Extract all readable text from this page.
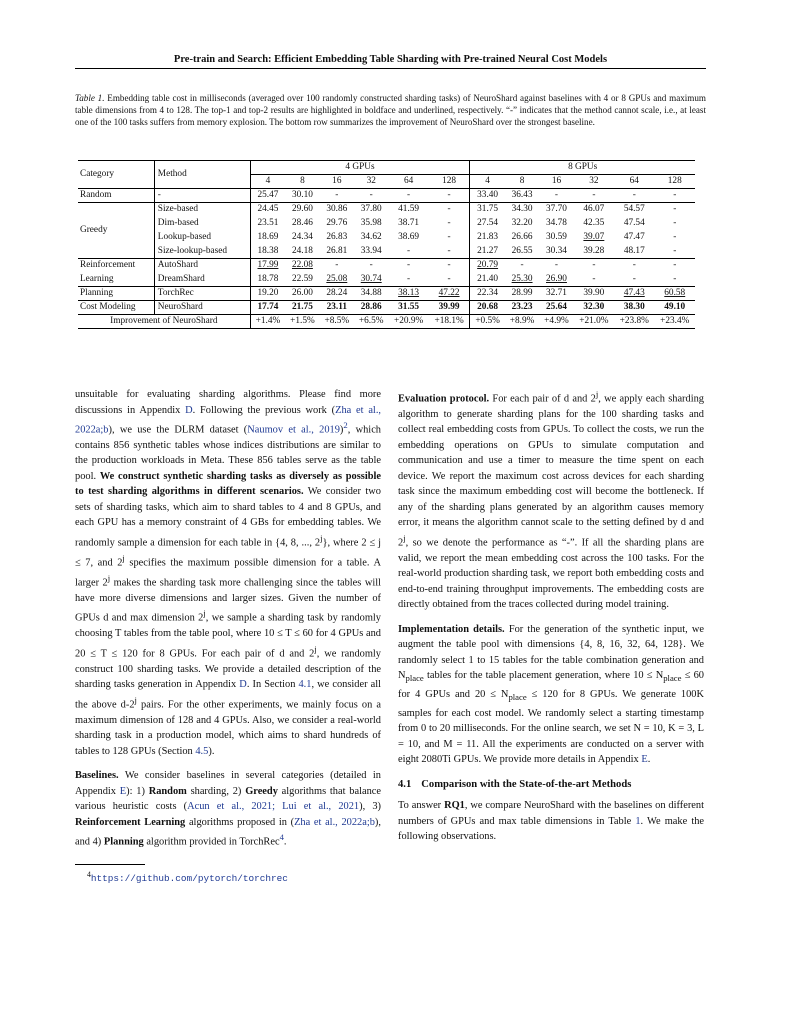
Pre-train and Search: Efficient Embedding Table Sharding with Pre-trained Neural Cost Models
Table 1. Embedding table cost in milliseconds (averaged over 100 randomly constructed sharding tasks) of NeuroShard against baselines with 4 or 8 GPUs and maximum table dimensions from 4 to 128. The top-1 and top-2 results are highlighted in boldface and underlined, respectively. “-” indicates that the method cannot scale, i.e., at least one of the 100 tasks suffers from memory explosion. The bottom row summarizes the improvement of NeuroShard over the strongest baseline.
Category	Method	4 GPUs						8 GPUs					
		4	8	16	32	64	128	4	8	16	32	64	128
Random	-	25.47	30.10	-	-	-	-	33.40	36.43	-	-	-	-
Greedy	Size-based	24.45	29.60	30.86	37.80	41.59	-	31.75	34.30	37.70	46.07	54.57	-
	Dim-based	23.51	28.46	29.76	35.98	38.71	-	27.54	32.20	34.78	42.35	47.54	-
	Lookup-based	18.69	24.34	26.83	34.62	38.69	-	21.83	26.66	30.59	39.07	47.47	-
	Size-lookup-based	18.38	24.18	26.81	33.94	-	-	21.27	26.55	30.34	39.28	48.17	-
Reinforcement	AutoShard	17.99	22.08	-	-	-	-	20.79	-	-	-	-	-
Learning	DreamShard	18.78	22.59	25.08	30.74	-	-	21.40	25.30	26.90	-	-	-
Planning	TorchRec	19.20	26.00	28.24	34.88	38.13	47.22	22.34	28.99	32.71	39.90	47.43	60.58
Cost Modeling	NeuroShard	17.74	21.75	23.11	28.86	31.55	39.99	20.68	23.23	25.64	32.30	38.30	49.10
Improvement of NeuroShard		+1.4%	+1.5%	+8.5%	+6.5%	+20.9%	+18.1%	+0.5%	+8.9%	+4.9%	+21.0%	+23.8%	+23.4%

unsuitable for evaluating sharding algorithms. Please find more discussions in Appendix D. Following the previous work (Zha et al., 2022a;b), we use the DLRM dataset (Naumov et al., 2019)$^2$, which contains 856 synthetic tables whose indices distributions are similar to the production workloads in Meta. These 856 tables serve as the table pool. We construct synthetic sharding tasks as diversely as possible to test sharding algorithms in different scenarios. We consider two sets of sharding tasks, which aim to shard tables to 4 and 8 GPUs, and each GPU has a memory constraint of 4 GBs for embedding tables. We randomly sample a dimension for each table in {4, 8, ..., 2$^j$}, where 2 ≤ j ≤ 7, and 2$^j$ specifies the maximum possible dimension for a table. A larger 2$^j$ makes the sharding task more challenging since the tables will have more diverse dimensions and larger sizes. Given the number of GPUs d and max dimension 2$^j$, we sample a sharding task by randomly choosing T tables from the table pool, where 10 ≤ T ≤ 60 for 4 GPUs and 20 ≤ T ≤ 120 for 8 GPUs. For each pair of d and 2$^j$, we randomly construct 100 sharding tasks. We provide a detailed description of the sharding tasks generation in Appendix D. In Section 4.1, we consider all the above d-2$^j$ pairs. For the other experiments, we mainly focus on a maximum dimension of 128 and 4 GPUs. Also, we consider a real-world sharding task in a production model, which aims to shard hundreds of tables to 128 GPUs (Section 4.5).

Baselines. We consider baselines in several categories (detailed in Appendix E): 1) Random sharding, 2) Greedy algorithms that balance various heuristic costs (Acun et al., 2021; Lui et al., 2021), 3) Reinforcement Learning algorithms proposed in (Zha et al., 2022a;b), and 4) Planning algorithm provided in TorchRec$^4$.

$^4$https://github.com/pytorch/torchrec

Evaluation protocol. For each pair of d and 2$^j$, we apply each sharding algorithm to generate sharding plans for the 100 sharding tasks and collect real embedding costs from GPUs. To collect the costs, we run the embedding operations on GPUs to simulate computation and communication and use a timer to measure the time spent on each device. We report the maximum cost across devices for each sharding task since the maximum embedding cost will become the bottleneck. If any of the sharding plans generated by an algorithm causes memory error, it means the algorithm cannot scale to the setting defined by d and 2$^j$, so we denote the performance as “-”. If all the sharding plans are valid, we report the mean embedding cost across the 100 tasks. For the real-world production sharding task, we report both embedding costs and end-to-end training throughput improvements. The embedding costs are directly obtained from the traces collected during model training.

Implementation details. For the generation of the synthetic input, we augment the table pool with dimensions {4, 8, 16, 32, 64, 128}. We randomly select 1 to 15 tables for the table combination generation and $N_{place}$ tables for the table placement generation, where $10 \le N_{place} \le 60$ for 4 GPUs and $20 \le N_{place} \le 120$ for 8 GPUs. We generate 100K samples for each cost model. We randomly select a starting timestamp from 0 to 20 milliseconds. For the online search, we set N = 10, K = 3, L = 10, and M = 11. All the experiments are conducted on a server with eight 2080Ti GPUs. We provide more details in Appendix E.

4.1 Comparison with the State-of-the-art Methods

To answer RQ1, we compare NeuroShard with the baselines on different numbers of GPUs and max table dimensions in Table 1. We make the following observations.
